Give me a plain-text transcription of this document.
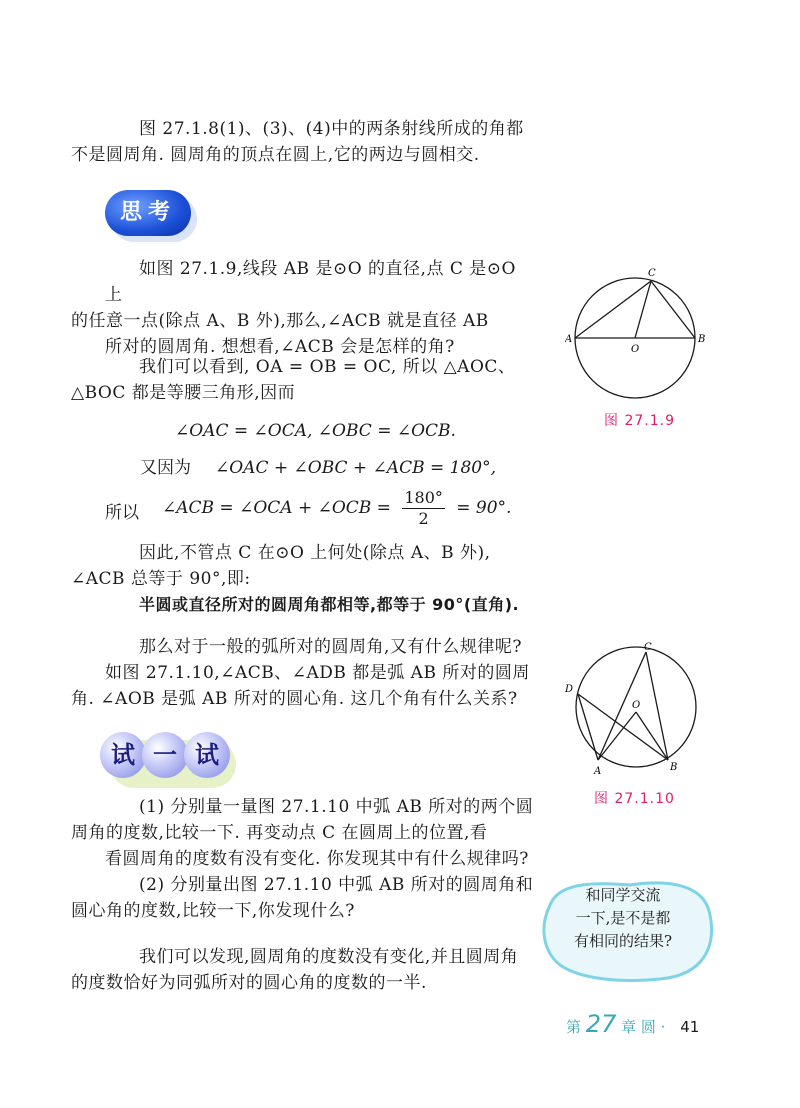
图 27.1.8(1)、(3)、(4)中的两条射线所成的角都
不是圆周角. 圆周角的顶点在圆上,它的两边与圆相交.

思考

如图 27.1.9,线段 AB 是⊙O 的直径,点 C 是⊙O 上
的任意一点(除点 A、B 外),那么,∠ACB 就是直径 AB
所对的圆周角. 想想看,∠ACB 会是怎样的角?

我们可以看到, OA = OB = OC, 所以 △AOC、
△BOC 都是等腰三角形,因而

∠OAC = ∠OCA, ∠OBC = ∠OCB.
又因为 ∠OAC + ∠OBC + ∠ACB = 180°,
所以 ∠ACB = ∠OCA + ∠OCB = $\frac{180^\circ}{2} = 90^\circ$.

因此,不管点 C 在⊙O 上何处(除点 A、B 外),
∠ACB 总等于 90°,即:

半圆或直径所对的圆周角都相等,都等于 90°(直角).

那么对于一般的弧所对的圆周角,又有什么规律呢?
如图 27.1.10,∠ACB、∠ADB 都是弧 AB 所对的圆周
角. ∠AOB 是弧 AB 所对的圆心角. 这几个角有什么关系?

试 一 试

(1) 分别量一量图 27.1.10 中弧 AB 所对的两个圆
周角的度数,比较一下. 再变动点 C 在圆周上的位置,看
看圆周角的度数有没有变化. 你发现其中有什么规律吗?

(2) 分别量出图 27.1.10 中弧 AB 所对的圆周角和
圆心角的度数,比较一下,你发现什么?

我们可以发现,圆周角的度数没有变化,并且圆周角
的度数恰好为同弧所对的圆心角的度数的一半.

A	B
C
O
图 27.1.9
A	B
C
D
O
图 27.1.10
和同学交流
一下,是不是都
有相同的结果?
第 27 章 圆 · 41
